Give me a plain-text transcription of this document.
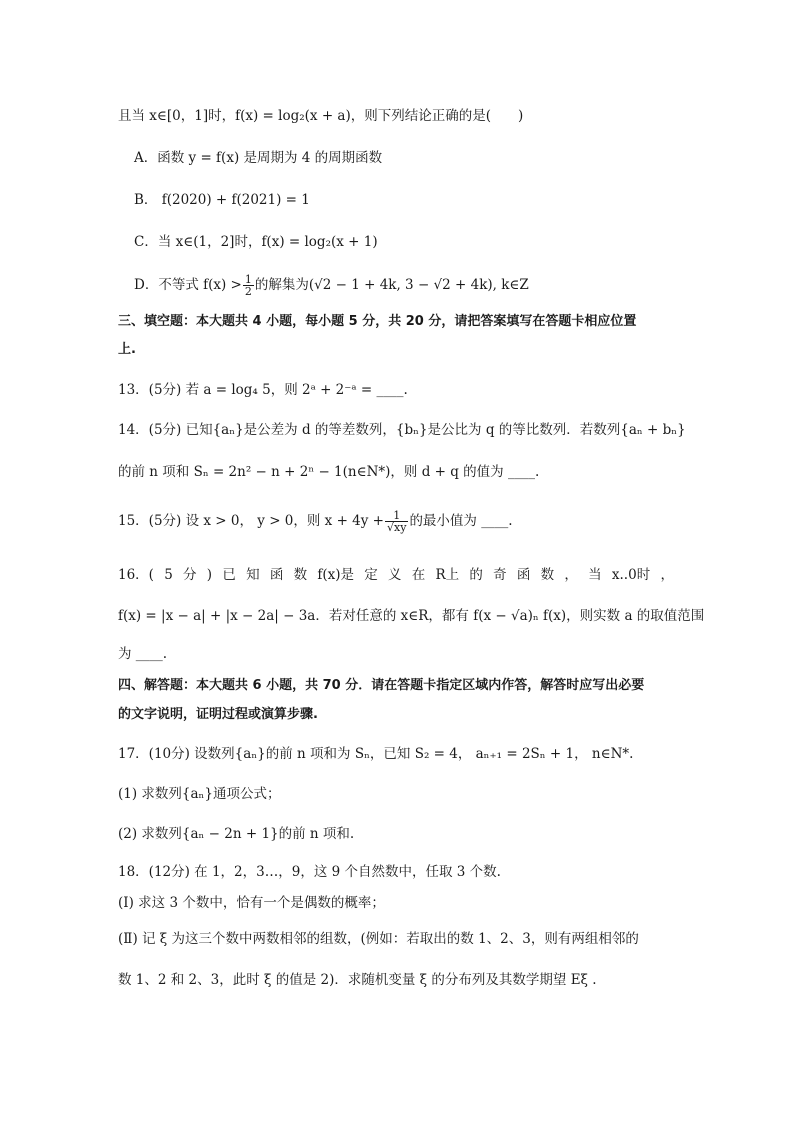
且当 x∈[0，1]时，f(x) = log₂(x + a)，则下列结论正确的是(　　)
A．函数 y = f(x) 是周期为 4 的周期函数
B． f(2020) + f(2021) = 1
C．当 x∈(1，2]时，f(x) = log₂(x + 1)
D．不等式 $f(x) > \frac{1}{2}$ 的解集为(√2 − 1 + 4k, 3 − √2 + 4k), k∈Z
三、填空题：本大题共 4 小题，每小题 5 分，共 20 分，请把答案填写在答题卡相应位置
上.
13．(5分) 若 a = log₄ 5，则 2ᵃ + 2⁻ᵃ = ____.
14．(5分) 已知{aₙ}是公差为 d 的等差数列，{bₙ}是公比为 q 的等比数列．若数列{aₙ + bₙ}
的前 n 项和 Sₙ = 2n² − n + 2ⁿ − 1(n∈N*)，则 d + q 的值为 ____.
15．(5分) 设 x > 0， y > 0，则 $x + 4y + \frac{1}{√xy}$ 的最小值为 ____.
16．( 5 分 ) 已 知 函 数 f(x)是 定 义 在 R上 的 奇 函 数 ， 当 x..0时 ，
f(x) = |x − a| + |x − 2a| − 3a．若对任意的 x∈R，都有 f(x − √a)ₙ f(x)，则实数 a 的取值范围
为 ____.
四、解答题：本大题共 6 小题，共 70 分．请在答题卡指定区域内作答，解答时应写出必要
的文字说明，证明过程或演算步骤.
17．(10分) 设数列{aₙ}的前 n 项和为 Sₙ，已知 S₂ = 4， aₙ₊₁ = 2Sₙ + 1， n∈N*.
(1) 求数列{aₙ}通项公式；
(2) 求数列{aₙ − 2n + 1}的前 n 项和.
18．(12分) 在 1，2，3…，9，这 9 个自然数中，任取 3 个数.
(Ⅰ) 求这 3 个数中，恰有一个是偶数的概率；
(Ⅱ) 记 ξ 为这三个数中两数相邻的组数，(例如：若取出的数 1、2、3，则有两组相邻的
数 1、2 和 2、3，此时 ξ 的值是 2)．求随机变量 ξ 的分布列及其数学期望 Eξ .
